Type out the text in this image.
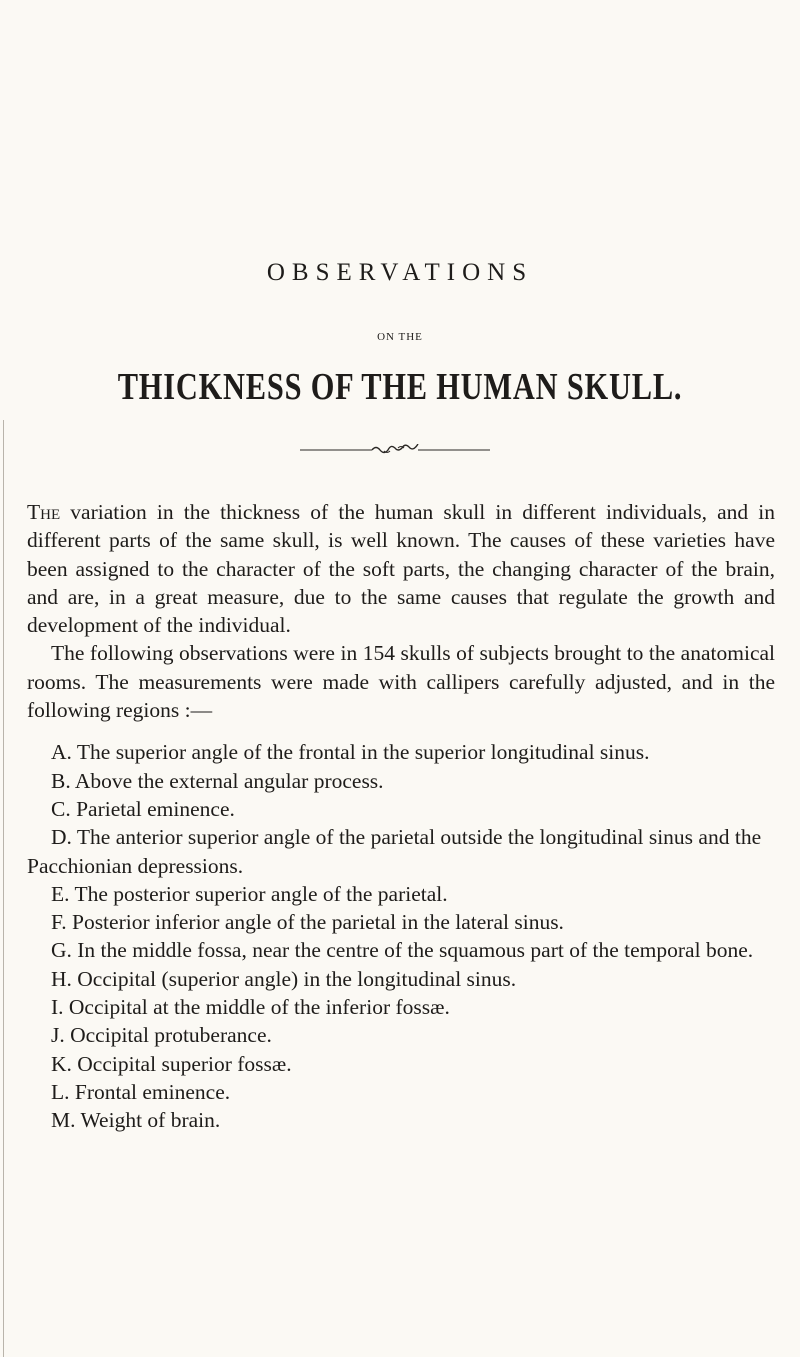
OBSERVATIONS
ON THE
THICKNESS OF THE HUMAN SKULL.

The variation in the thickness of the human skull in different individuals, and in different parts of the same skull, is well known. The causes of these varieties have been assigned to the character of the soft parts, the changing character of the brain, and are, in a great measure, due to the same causes that regulate the growth and development of the individual.

The following observations were in 154 skulls of subjects brought to the anatomical rooms. The measurements were made with callipers carefully adjusted, and in the following regions :—

A. The superior angle of the frontal in the superior longitudinal sinus.

B. Above the external angular process.

C. Parietal eminence.

D. The anterior superior angle of the parietal outside the longitudinal sinus and the Pacchionian depressions.

E. The posterior superior angle of the parietal.

F. Posterior inferior angle of the parietal in the lateral sinus.

G. In the middle fossa, near the centre of the squamous part of the temporal bone.

H. Occipital (superior angle) in the longitudinal sinus.

I. Occipital at the middle of the inferior fossæ.

J. Occipital protuberance.

K. Occipital superior fossæ.

L. Frontal eminence.

M. Weight of brain.
